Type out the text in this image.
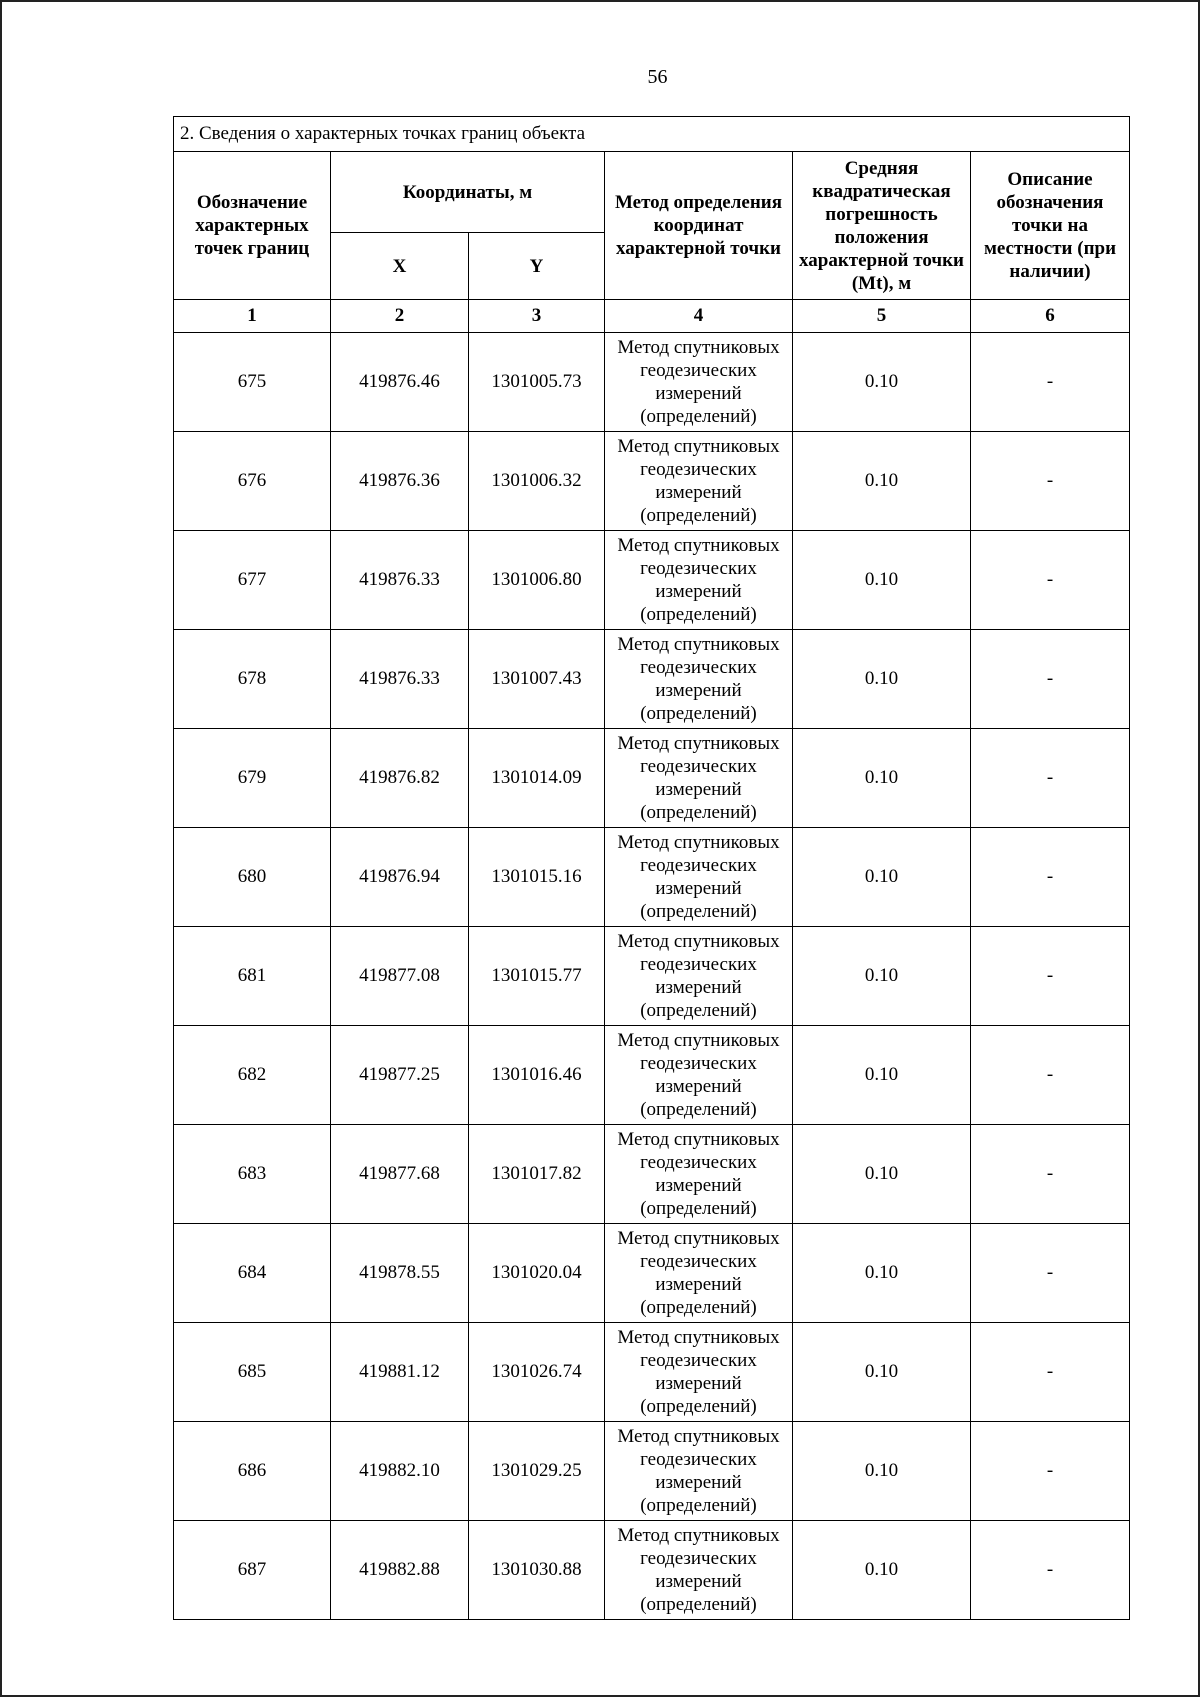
56
2. Сведения о характерных точках границ объекта					
Обозначение характерных точек границ	Координаты, м		Метод определения координат характерной точки	Средняя квадратическая погрешность положения характерной точки (Mt), м	Описание обозначения точки на местности (при наличии)
	X	Y			
1	2	3	4	5	6
675	419876.46	1301005.73	Метод спутниковых геодезических измерений (определений)	0.10	-
676	419876.36	1301006.32	Метод спутниковых геодезических измерений (определений)	0.10	-
677	419876.33	1301006.80	Метод спутниковых геодезических измерений (определений)	0.10	-
678	419876.33	1301007.43	Метод спутниковых геодезических измерений (определений)	0.10	-
679	419876.82	1301014.09	Метод спутниковых геодезических измерений (определений)	0.10	-
680	419876.94	1301015.16	Метод спутниковых геодезических измерений (определений)	0.10	-
681	419877.08	1301015.77	Метод спутниковых геодезических измерений (определений)	0.10	-
682	419877.25	1301016.46	Метод спутниковых геодезических измерений (определений)	0.10	-
683	419877.68	1301017.82	Метод спутниковых геодезических измерений (определений)	0.10	-
684	419878.55	1301020.04	Метод спутниковых геодезических измерений (определений)	0.10	-
685	419881.12	1301026.74	Метод спутниковых геодезических измерений (определений)	0.10	-
686	419882.10	1301029.25	Метод спутниковых геодезических измерений (определений)	0.10	-
687	419882.88	1301030.88	Метод спутниковых геодезических измерений (определений)	0.10	-
